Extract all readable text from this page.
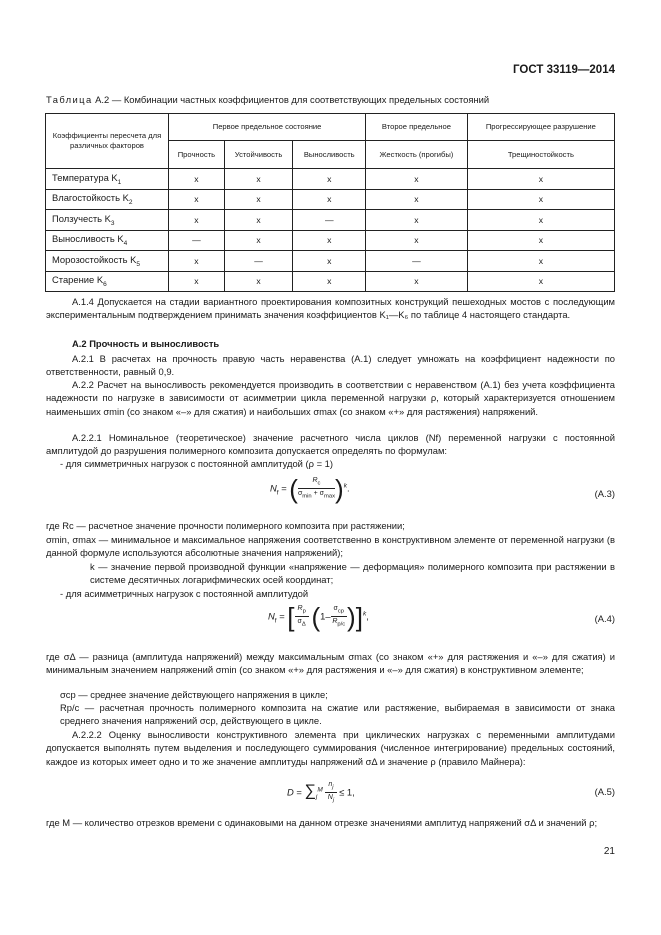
ГОСТ 33119—2014
Таблица А.2 — Комбинации частных коэффициентов для соответствующих предельных состояний
Коэффициенты пересчета для различных факторов	Первое предельное состояние			Второе предельное	Прогрессирующее разрушение
	Прочность	Устойчивость	Выносливость	Жесткость (прогибы)	Трещиностойкость
Температура $K_1$	x	x	x	x	x
Влагостойкость $K_2$	x	x	x	x	x
Ползучесть $K_3$	x	x	—	x	x
Выносливость $K_4$	—	x	x	x	x
Морозостойкость $K_5$	x	—	x	—	x
Старение $K_6$	x	x	x	x	x
А.1.4 Допускается на стадии вариантного проектирования композитных конструкций пешеходных мостов с последующим экспериментальным подтверждением принимать значения коэффициентов K₁—K₆ по таблице 4 настоящего стандарта.
А.2 Прочность и выносливость
А.2.1 В расчетах на прочность правую часть неравенства (А.1) следует умножать на коэффициент надежности по ответственности, равный 0,9.
А.2.2 Расчет на выносливость рекомендуется производить в соответствии с неравенством (А.1) без учета коэффициента надежности по нагрузке в зависимости от асимметрии цикла переменной нагрузки ρ, который характеризуется отношением наименьших σmin (со знаком «–» для сжатия) и наибольших σmax (со знаком «+» для растяжения) напряжений.
А.2.2.1 Номинальное (теоретическое) значение расчетного числа циклов (Nf) переменной нагрузки с постоянной амплитудой до разрушения полимерного композита допускается определять по формулам:
- для симметричных нагрузок с постоянной амплитудой (ρ = 1)
$N_f$ = ( $\frac{R_c}{\sigma_{min} + \sigma_{max}} )^k$.
(А.3)
где Rc — расчетное значение прочности полимерного композита при растяжении;
σmin, σmax — минимальное и максимальное напряжения соответственно в конструктивном элементе от переменной нагрузки (в данной формуле используются абсолютные значения напряжений);
k — значение первой производной функции «напряжение — деформация» полимерного композита при растяжении в системе десятичных логарифмических осей координат;
- для асимметричных нагрузок с постоянной амплитудой
$N_f$ = [ $\frac{R_p}{\sigma_\Delta} (1- \frac{\sigma_{cp}}{R_{p/c}} )]^k$,	(А.4)
где σΔ — разница (амплитуда напряжений) между максимальным σmax (со знаком «+» для растяжения и «–» для сжатия) и минимальным значением напряжений σmin (со знаком «+» для растяжения и «–» для сжатия) в конструктивном элементе;
σср — среднее значение действующего напряжения в цикле;
Rp/c — расчетная прочность полимерного композита на сжатие или растяжение, выбираемая в зависимости от знака среднего значения напряжений σср, действующего в цикле.
А.2.2.2 Оценку выносливости конструктивного элемента при циклических нагрузках с переменными амплитудами допускается выполнять путем выделения и последующего суммирования (численное интегрирование) предельных состояний, каждое из которых имеет одно и то же значение амплитуды напряжений σΔ и значение ρ (правило Майнера):
$D = \sum_j^M \frac{n_j}{N_j} \le 1$,	(А.5)
где M — количество отрезков времени с одинаковыми на данном отрезке значениями амплитуд напряжений σΔ и значений ρ;
21
